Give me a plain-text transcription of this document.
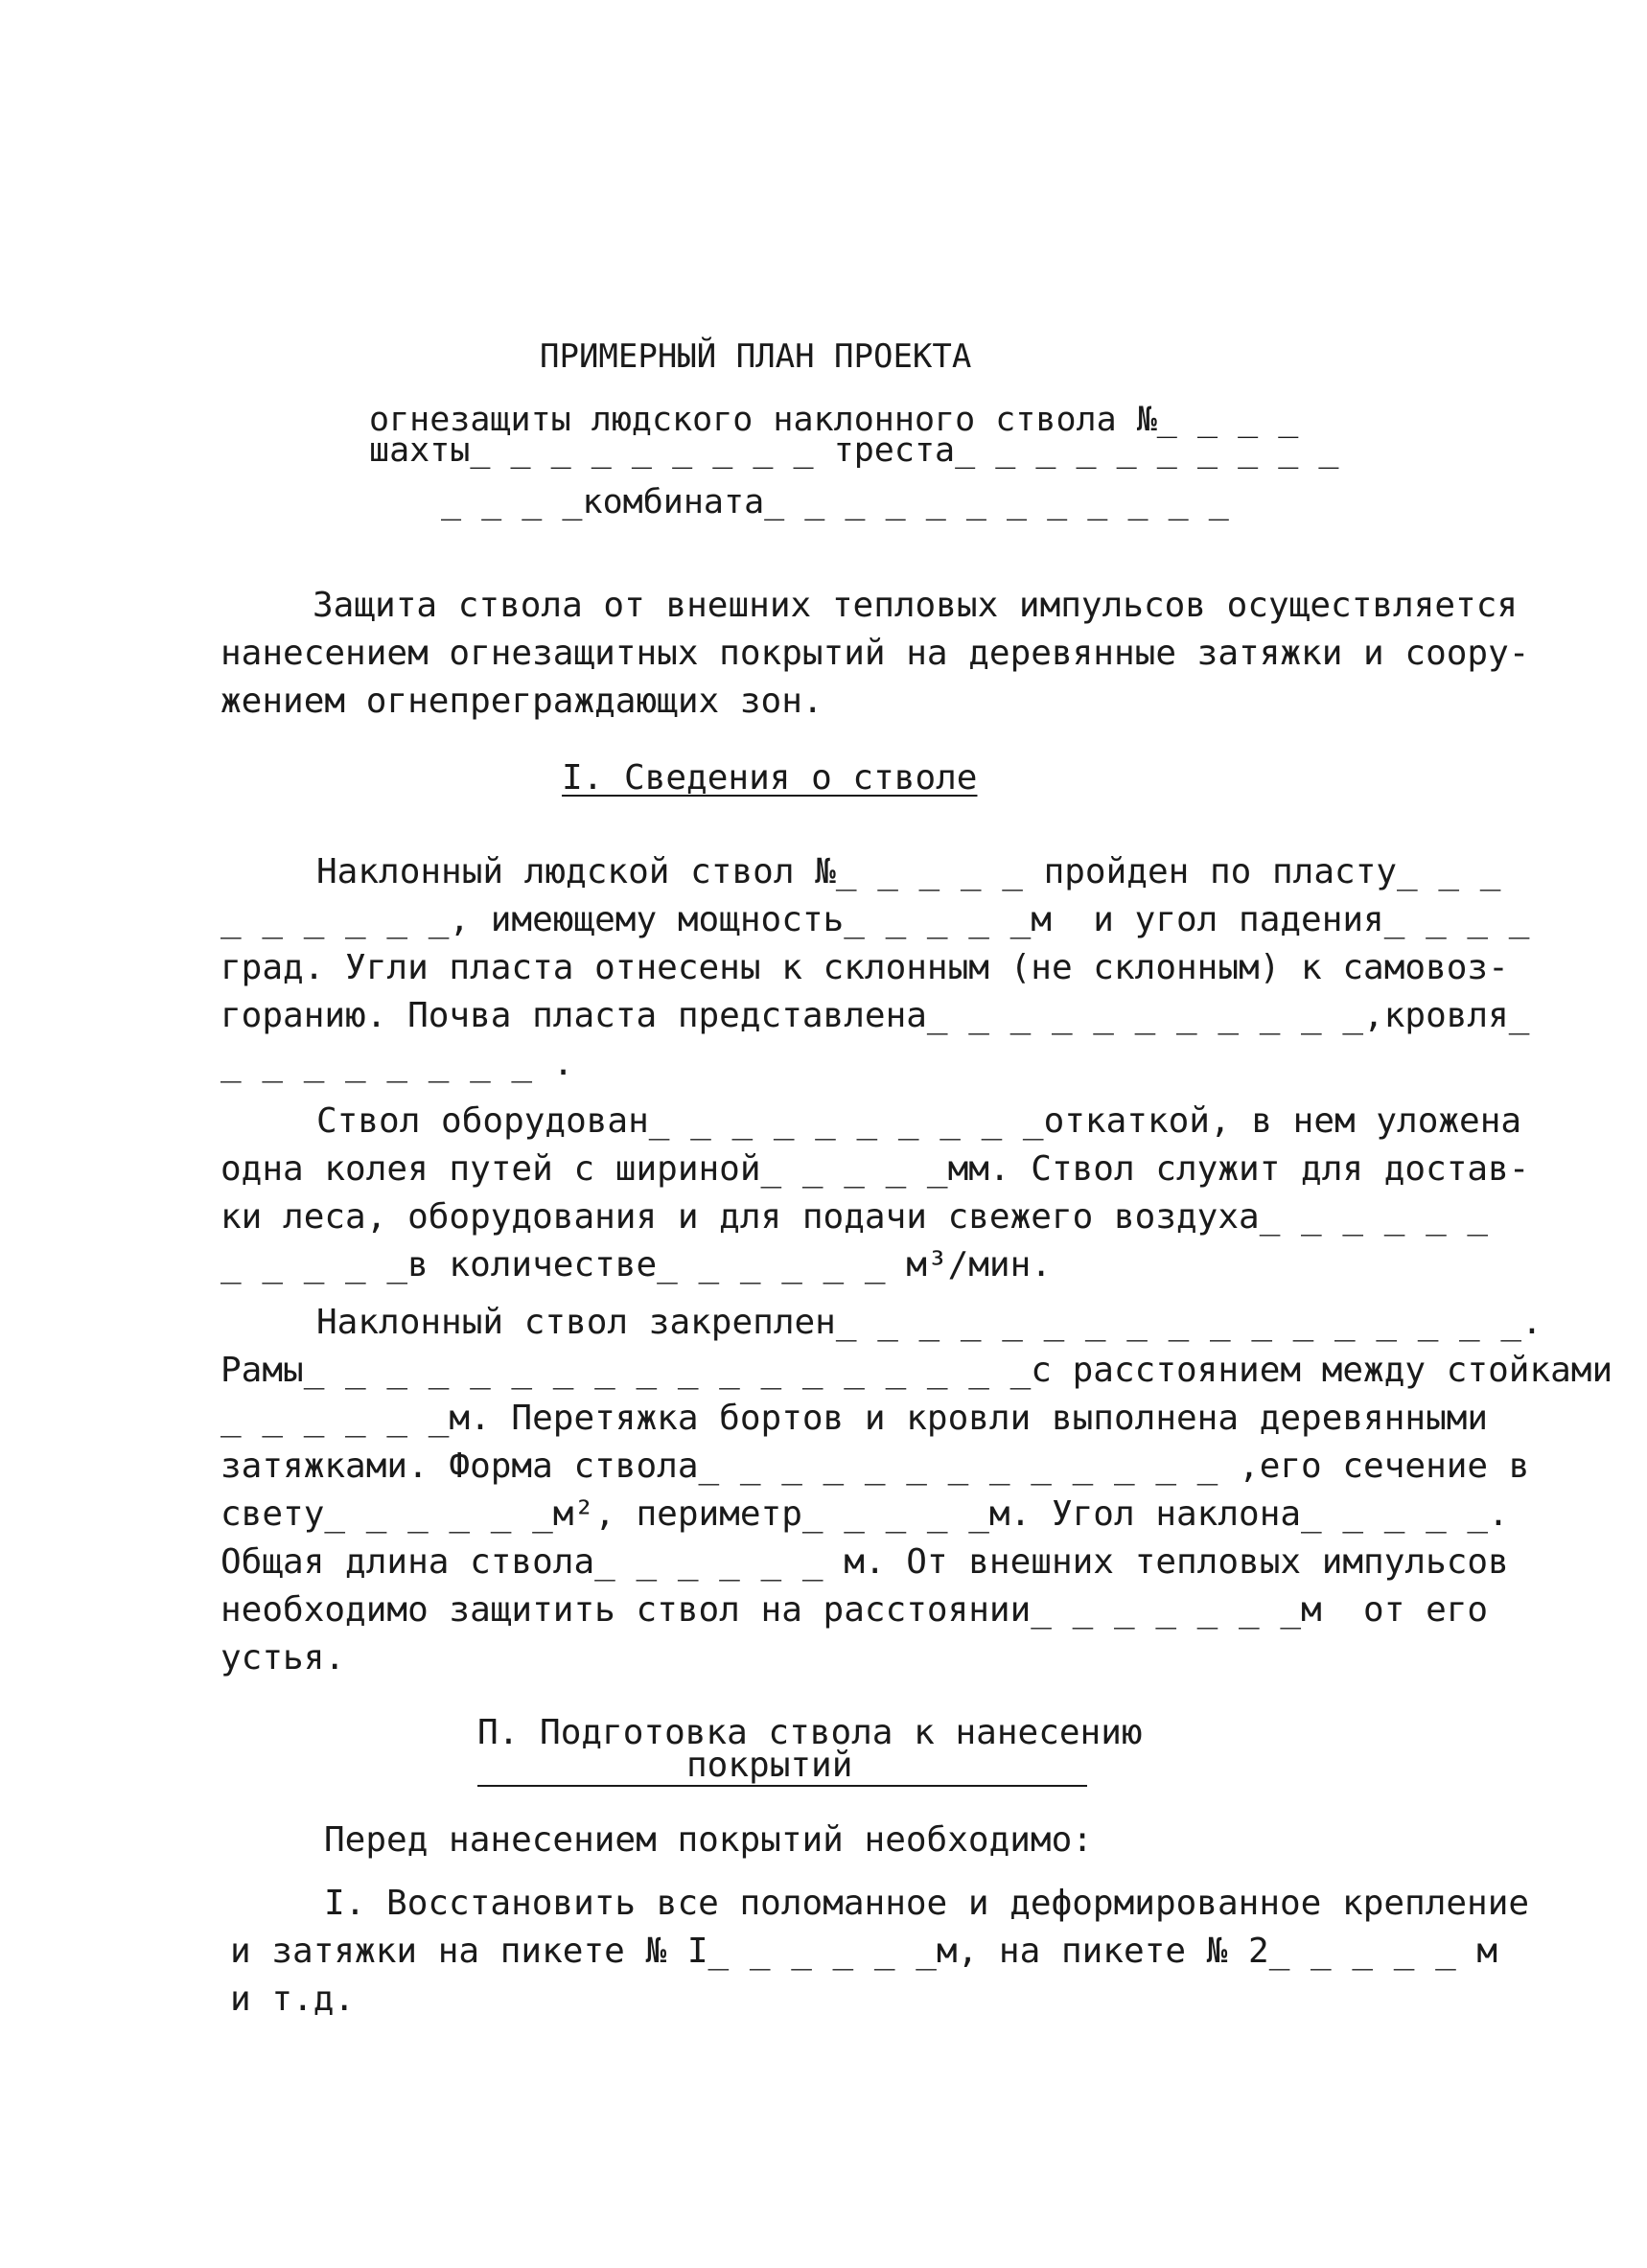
ПРИМЕРНЫЙ ПЛАН ПРОЕКТА
огнезащиты людского наклонного ствола №_ _ _ _
шахты_ _ _ _ _ _ _ _ _ треста_ _ _ _ _ _ _ _ _ _
_ _ _ _комбината_ _ _ _ _ _ _ _ _ _ _ _
Защита ствола от внешних тепловых импульсов осуществляется
нанесением огнезащитных покрытий на деревянные затяжки и соору-
жением огнепреграждающих зон.
I. Сведения о стволе
Наклонный людской ствол №_ _ _ _ _ пройден по пласту_ _ _
_ _ _ _ _ _, имеющему мощность_ _ _ _ _м  и угол падения_ _ _ _
град. Угли пласта отнесены к склонным (не склонным) к самовоз-
горанию. Почва пласта представлена_ _ _ _ _ _ _ _ _ _ _,кровля_
_ _ _ _ _ _ _ _ .
Ствол оборудован_ _ _ _ _ _ _ _ _ _откаткой, в нем уложена
одна колея путей с шириной_ _ _ _ _мм. Ствол служит для достав-
ки леса, оборудования и для подачи свежего воздуха_ _ _ _ _ _
_ _ _ _ _в количестве_ _ _ _ _ _ м³/мин.
Наклонный ствол закреплен_ _ _ _ _ _ _ _ _ _ _ _ _ _ _ _ _.
Рамы_ _ _ _ _ _ _ _ _ _ _ _ _ _ _ _ _ _с расстоянием между стойками
_ _ _ _ _ _м. Перетяжка бортов и кровли выполнена деревянными
затяжками. Форма ствола_ _ _ _ _ _ _ _ _ _ _ _ _ ,его сечение в
свету_ _ _ _ _ _м², периметр_ _ _ _ _м. Угол наклона_ _ _ _ _.
Общая длина ствола_ _ _ _ _ _ м. От внешних тепловых импульсов
необходимо защитить ствол на расстоянии_ _ _ _ _ _ _м  от его
устья.
П. Подготовка ствола к нанесению
покрытий
Перед нанесением покрытий необходимо:
I. Восстановить все поломанное и деформированное крепление
и затяжки на пикете № I_ _ _ _ _ _м, на пикете № 2_ _ _ _ _ м
и т.д.
